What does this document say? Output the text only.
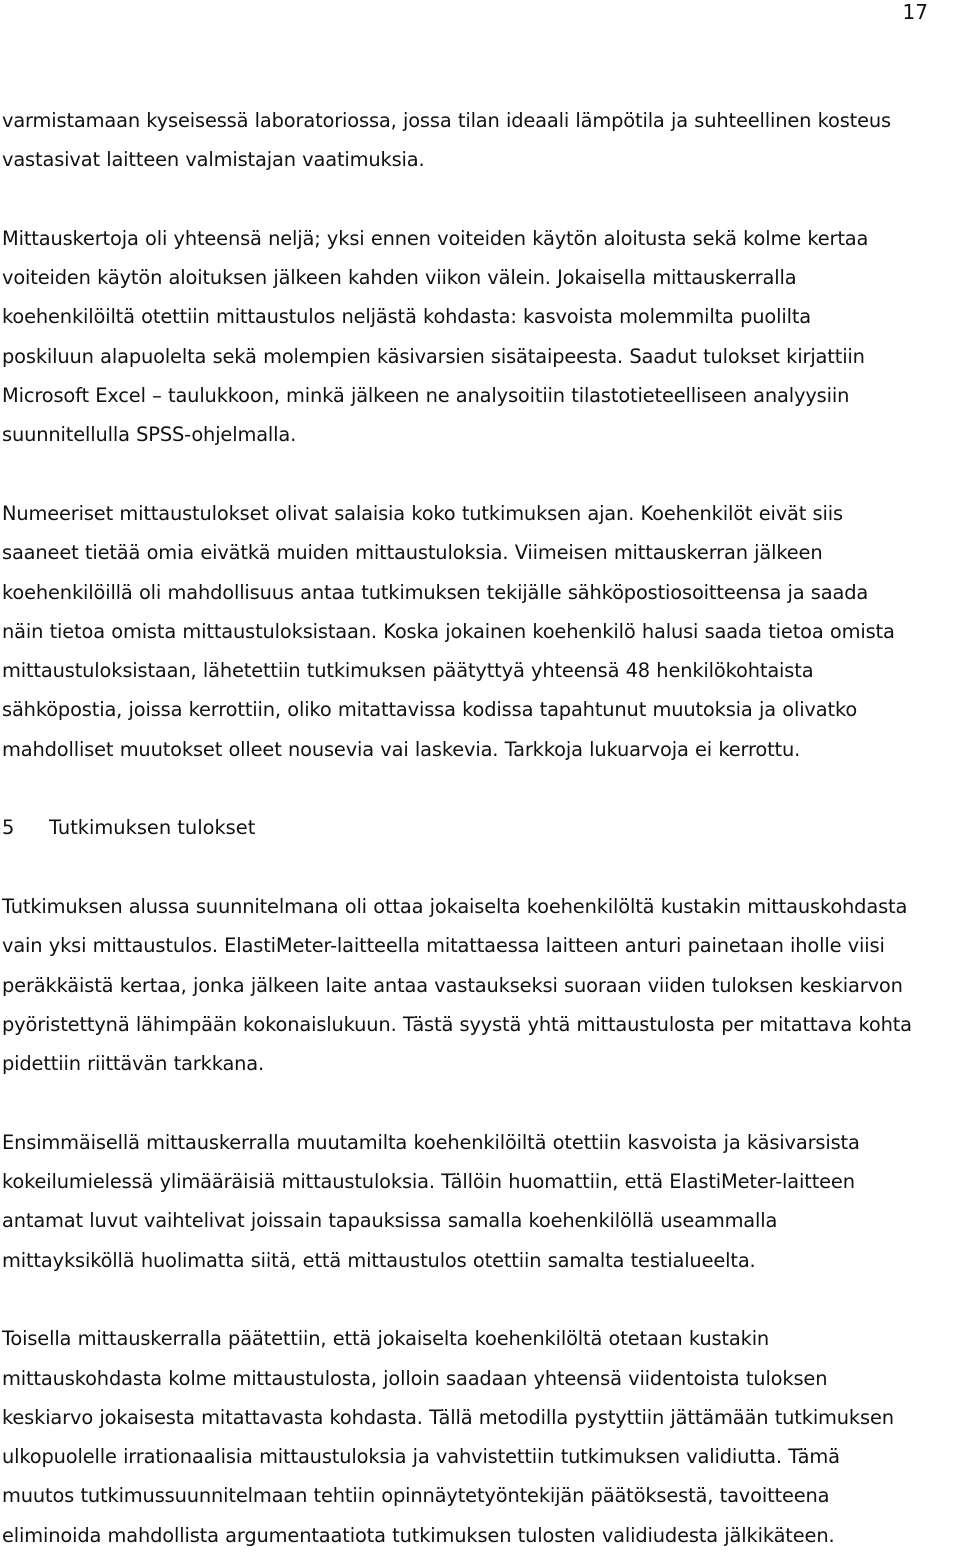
17
varmistamaan kyseisessä laboratoriossa, jossa tilan ideaali lämpötila ja suhteellinen kosteus
vastasivat laitteen valmistajan vaatimuksia.
Mittauskertoja oli yhteensä neljä; yksi ennen voiteiden käytön aloitusta sekä kolme kertaa
voiteiden käytön aloituksen jälkeen kahden viikon välein. Jokaisella mittauskerralla
koehenkilöiltä otettiin mittaustulos neljästä kohdasta: kasvoista molemmilta puolilta
poskiluun alapuolelta sekä molempien käsivarsien sisätaipeesta. Saadut tulokset kirjattiin
Microsoft Excel – taulukkoon, minkä jälkeen ne analysoitiin tilastotieteelliseen analyysiin
suunnitellulla SPSS-ohjelmalla.
Numeeriset mittaustulokset olivat salaisia koko tutkimuksen ajan. Koehenkilöt eivät siis
saaneet tietää omia eivätkä muiden mittaustuloksia. Viimeisen mittauskerran jälkeen
koehenkilöillä oli mahdollisuus antaa tutkimuksen tekijälle sähköpostiosoitteensa ja saada
näin tietoa omista mittaustuloksistaan. Koska jokainen koehenkilö halusi saada tietoa omista
mittaustuloksistaan, lähetettiin tutkimuksen päätyttyä yhteensä 48 henkilökohtaista
sähköpostia, joissa kerrottiin, oliko mitattavissa kodissa tapahtunut muutoksia ja olivatko
mahdolliset muutokset olleet nousevia vai laskevia. Tarkkoja lukuarvoja ei kerrottu.
5	Tutkimuksen tulokset
Tutkimuksen alussa suunnitelmana oli ottaa jokaiselta koehenkilöltä kustakin mittauskohdasta
vain yksi mittaustulos. ElastiMeter-laitteella mitattaessa laitteen anturi painetaan iholle viisi
peräkkäistä kertaa, jonka jälkeen laite antaa vastaukseksi suoraan viiden tuloksen keskiarvon
pyöristettynä lähimpään kokonaislukuun. Tästä syystä yhtä mittaustulosta per mitattava kohta
pidettiin riittävän tarkkana.
Ensimmäisellä mittauskerralla muutamilta koehenkilöiltä otettiin kasvoista ja käsivarsista
kokeilumielessä ylimääräisiä mittaustuloksia. Tällöin huomattiin, että ElastiMeter-laitteen
antamat luvut vaihtelivat joissain tapauksissa samalla koehenkilöllä useammalla
mittayksiköllä huolimatta siitä, että mittaustulos otettiin samalta testialueelta.
Toisella mittauskerralla päätettiin, että jokaiselta koehenkilöltä otetaan kustakin
mittauskohdasta kolme mittaustulosta, jolloin saadaan yhteensä viidentoista tuloksen
keskiarvo jokaisesta mitattavasta kohdasta. Tällä metodilla pystyttiin jättämään tutkimuksen
ulkopuolelle irrationaalisia mittaustuloksia ja vahvistettiin tutkimuksen validiutta. Tämä
muutos tutkimussuunnitelmaan tehtiin opinnäytetyöntekijän päätöksestä, tavoitteena
eliminoida mahdollista argumentaatiota tutkimuksen tulosten validiudesta jälkikäteen.
